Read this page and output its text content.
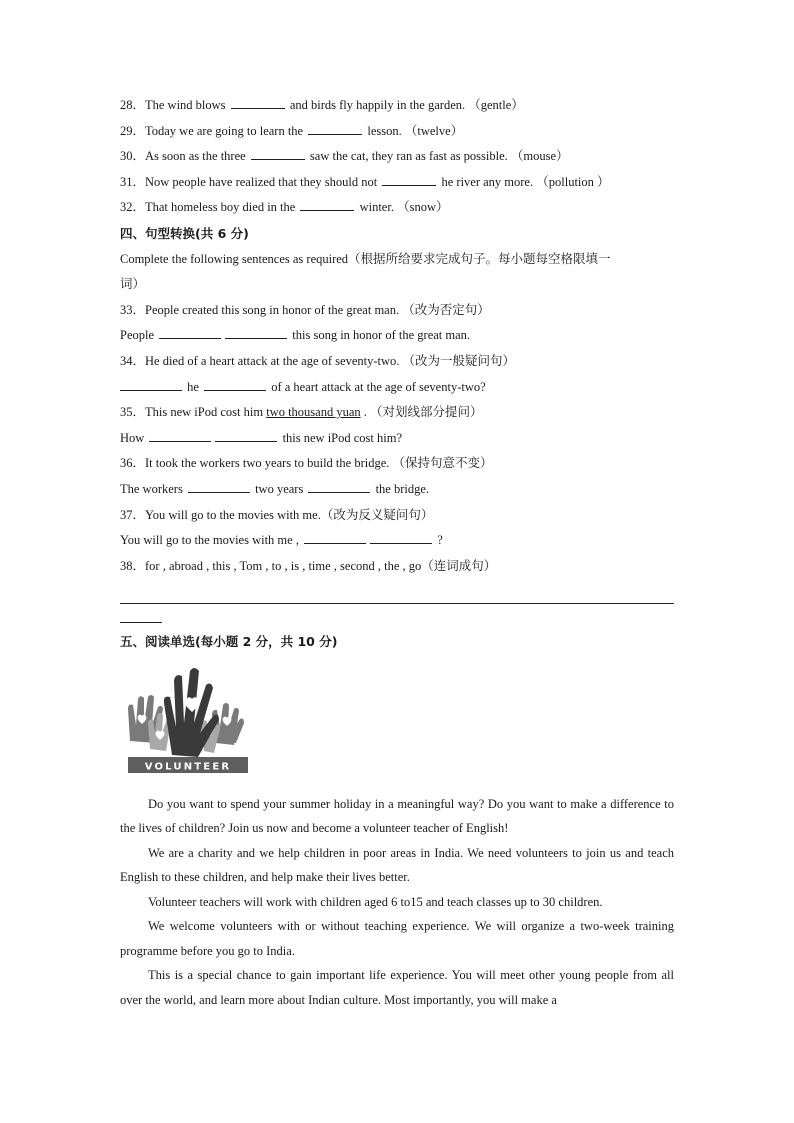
28．The wind blows	and birds fly happily in the garden. （gentle）
29．Today we are going to learn the	lesson. （twelve）
30．As soon as the three	saw the cat, they ran as fast as possible. （mouse）
31．Now people have realized that they should not	he river any more. （pollution ）
32．That homeless boy died in the	winter. （snow）
四、句型转换(共 6 分)
Complete the following sentences as required（根据所给要求完成句子。每小题每空格限填一
词）
33．People created this song in honor of the great man. （改为否定句）
People	this song in honor of the great man.
34．He died of a heart attack at the age of seventy-two. （改为一般疑问句）
he	of a heart attack at the age of seventy-two?
35．This new iPod cost him two thousand yuan . （对划线部分提问）
How	this new iPod cost him?
36．It took the workers two years to build the bridge. （保持句意不变）
The workers	two years	the bridge.
37．You will go to the movies with me.（改为反义疑问句）
You will go to the movies with me ,	?
38．for , abroad , this , Tom , to , is , time , second , the , go（连词成句）
五、阅读单选(每小题 2 分，共 10 分)
VOLUNTEER

Do you want to spend your summer holiday in a meaningful way? Do you want to make a difference to the lives of children? Join us now and become a volunteer teacher of English!

We are a charity and we help children in poor areas in India. We need volunteers to join us and teach English to these children, and help make their lives better.

Volunteer teachers will work with children aged 6 to15 and teach classes up to 30 children.

We welcome volunteers with or without teaching experience. We will organize a two-week training programme before you go to India.

This is a special chance to gain important life experience. You will meet other young people from all over the world, and learn more about Indian culture. Most importantly, you will make a
